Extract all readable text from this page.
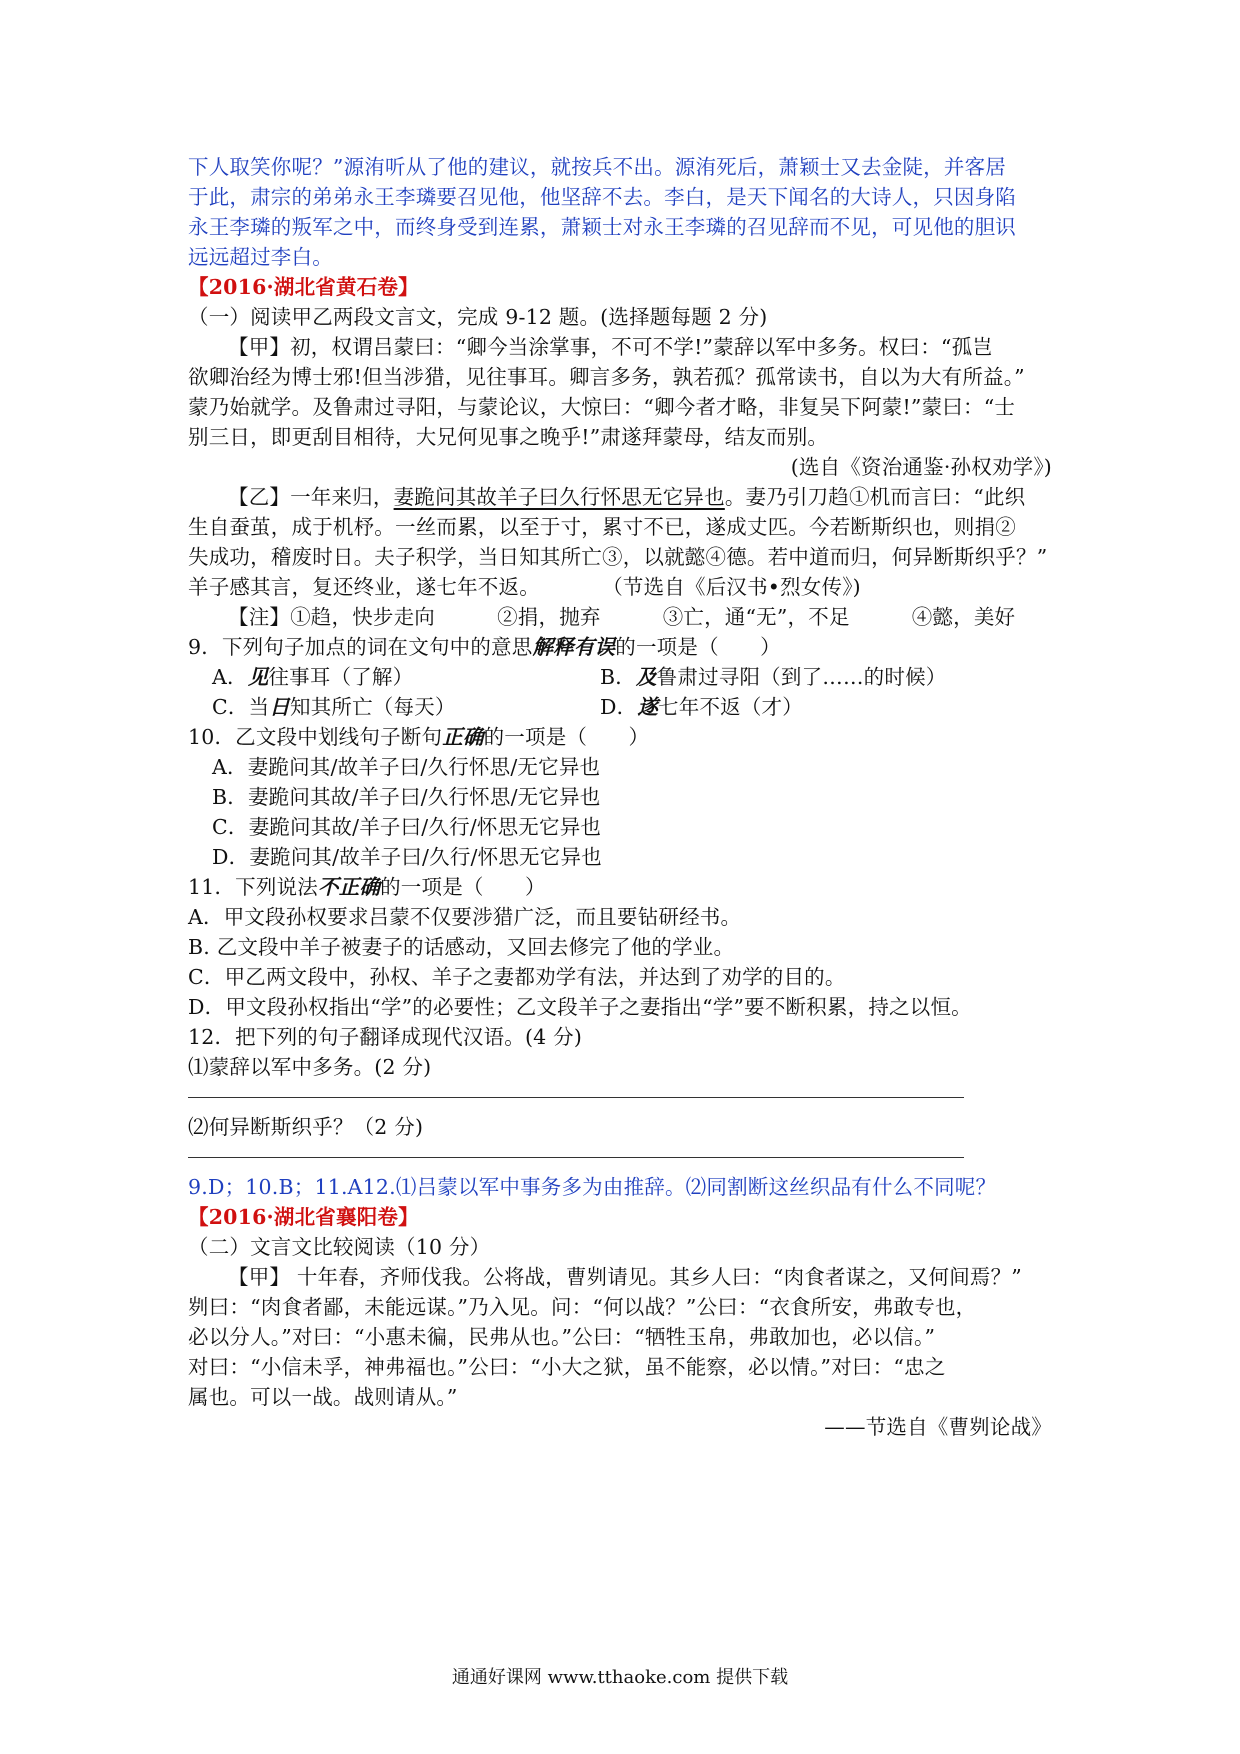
下人取笑你呢？”源洧听从了他的建议，就按兵不出。源洧死后，萧颖士又去金陡，并客居
于此，肃宗的弟弟永王李璘要召见他，他坚辞不去。李白，是天下闻名的大诗人，只因身陷
永王李璘的叛军之中，而终身受到连累，萧颖士对永王李璘的召见辞而不见，可见他的胆识
远远超过李白。
【2016·湖北省黄石卷】
（一）阅读甲乙两段文言文，完成 9-12 题。(选择题每题 2 分)
【甲】初，权谓吕蒙曰：“卿今当涂掌事，不可不学!”蒙辞以军中多务。权曰：“孤岂
欲卿治经为博士邪!但当涉猎，见往事耳。卿言多务，孰若孤？孤常读书，自以为大有所益。”
蒙乃始就学。及鲁肃过寻阳，与蒙论议，大惊曰：“卿今者才略，非复吴下阿蒙!”蒙曰：“士
别三日，即更刮目相待，大兄何见事之晚乎!”肃遂拜蒙母，结友而别。
(选自《资治通鉴·孙权劝学》)
【乙】一年来归，妻跪问其故羊子曰久行怀思无它异也。妻乃引刀趋①机而言曰：“此织
生自蚕茧，成于机杼。一丝而累，以至于寸，累寸不已，遂成丈匹。今若断斯织也，则捐②
失成功，稽废时日。夫子积学，当日知其所亡③，以就懿④德。若中道而归，何异断斯织乎？”
羊子感其言，复还终业，遂七年不返。　　　　（节选自《后汉书•烈女传》)
【注】①趋，快步走向　　　②捐，抛弃　　　③亡，通“无”，不足　　　④懿，美好
9．下列句子加点的词在文句中的意思解释有误的一项是（　　）
A．见往事耳（了解）	B．及鲁肃过寻阳（到了……的时候）
C．当日知其所亡（每天）	D．遂七年不返（才）
10．乙文段中划线句子断句正确的一项是（　　）
A．妻跪问其/故羊子曰/久行怀思/无它异也
B．妻跪问其故/羊子曰/久行怀思/无它异也
C．妻跪问其故/羊子曰/久行/怀思无它异也
D．妻跪问其/故羊子曰/久行/怀思无它异也
11．下列说法不正确的一项是（　　）
A．甲文段孙权要求吕蒙不仅要涉猎广泛，而且要钻研经书。
B. 乙文段中羊子被妻子的话感动，又回去修完了他的学业。
C．甲乙两文段中，孙权、羊子之妻都劝学有法，并达到了劝学的目的。
D．甲文段孙权指出“学”的必要性；乙文段羊子之妻指出“学”要不断积累，持之以恒。
12．把下列的句子翻译成现代汉语。(4 分)
⑴蒙辞以军中多务。(2 分)
⑵何异断斯织乎？（2 分)
9.D；10.B；11.A12.⑴吕蒙以军中事务多为由推辞。⑵同割断这丝织品有什么不同呢？
【2016·湖北省襄阳卷】
（二）文言文比较阅读（10 分）
【甲】 十年春，齐师伐我。公将战，曹刿请见。其乡人曰：“肉食者谋之，又何间焉？”
刿曰：“肉食者鄙，未能远谋。”乃入见。问：“何以战？”公曰：“衣食所安，弗敢专也，
必以分人。”对曰：“小惠未徧，民弗从也。”公曰：“牺牲玉帛，弗敢加也，必以信。”
对曰：“小信未孚，神弗福也。”公曰：“小大之狱，虽不能察，必以情。”对曰：“忠之
属也。可以一战。战则请从。”
——节选自《曹刿论战》
通通好课网 www.tthaoke.com 提供下载
